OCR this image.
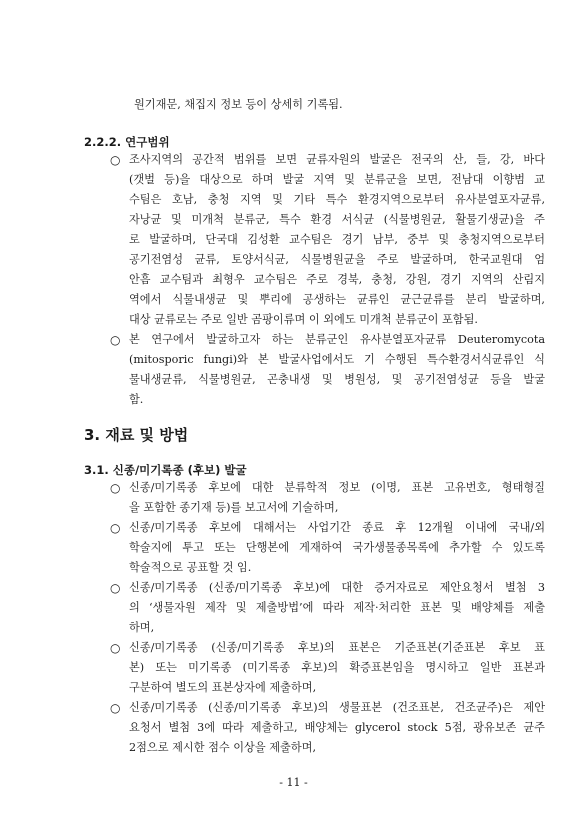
원기재문, 채집지 정보 등이 상세히 기록됨.
2.2.2. 연구범위
○ 조사지역의 공간적 범위를 보면 균류자원의 발굴은 전국의 산, 들, 강, 바다
(갯벌 등)을 대상으로 하며 발굴 지역 및 분류군을 보면, 전남대 이향범 교
수팀은 호남, 충청 지역 및 기타 특수 환경지역으로부터 유사분열포자균류,
자낭균 및 미개척 분류군, 특수 환경 서식균 (식물병원균, 활물기생균)을 주
로 발굴하며, 단국대 김성환 교수팀은 경기 남부, 중부 및 충청지역으로부터
공기전염성 균류, 토양서식균, 식물병원균을 주로 발굴하며, 한국교원대 엄
안흠 교수팀과 최형우 교수팀은 주로 경북, 충청, 강원, 경기 지역의 산림지
역에서 식물내생균 및 뿌리에 공생하는 균류인 균근균류를 분리 발굴하며,
대상 균류로는 주로 일반 곰팡이류며 이 외에도 미개척 분류군이 포함됨.
○ 본 연구에서 발굴하고자 하는 분류군인 유사분열포자균류 Deuteromycota
(mitosporic fungi)와 본 발굴사업에서도 기 수행된 특수환경서식균류인 식
물내생균류, 식물병원균, 곤충내생 및 병원성, 및 공기전염성균 등을 발굴
함.
3. 재료 및 방법
3.1. 신종/미기록종 (후보) 발굴
○ 신종/미기록종 후보에 대한 분류학적 정보 (이명, 표본 고유번호, 형태형질
을 포함한 종기재 등)를 보고서에 기술하며,
○ 신종/미기록종 후보에 대해서는 사업기간 종료 후 12개월 이내에 국내/외
학술지에 투고 또는 단행본에 게재하여 국가생물종목록에 추가할 수 있도록
학술적으로 공표할 것 임.
○ 신종/미기록종 (신종/미기록종 후보)에 대한 증거자료로 제안요청서 별첨 3
의 ‘생물자원 제작 및 제출방법’에 따라 제작·처리한 표본 및 배양체를 제출
하며,
○ 신종/미기록종 (신종/미기록종 후보)의 표본은 기준표본(기준표본 후보 표
본) 또는 미기록종 (미기록종 후보)의 확증표본임을 명시하고 일반 표본과
구분하여 별도의 표본상자에 제출하며,
○ 신종/미기록종 (신종/미기록종 후보)의 생물표본 (건조표본, 건조균주)은 제안
요청서 별첨 3에 따라 제출하고, 배양체는 glycerol stock 5점, 광유보존 균주
2점으로 제시한 점수 이상을 제출하며,
- 11 -
